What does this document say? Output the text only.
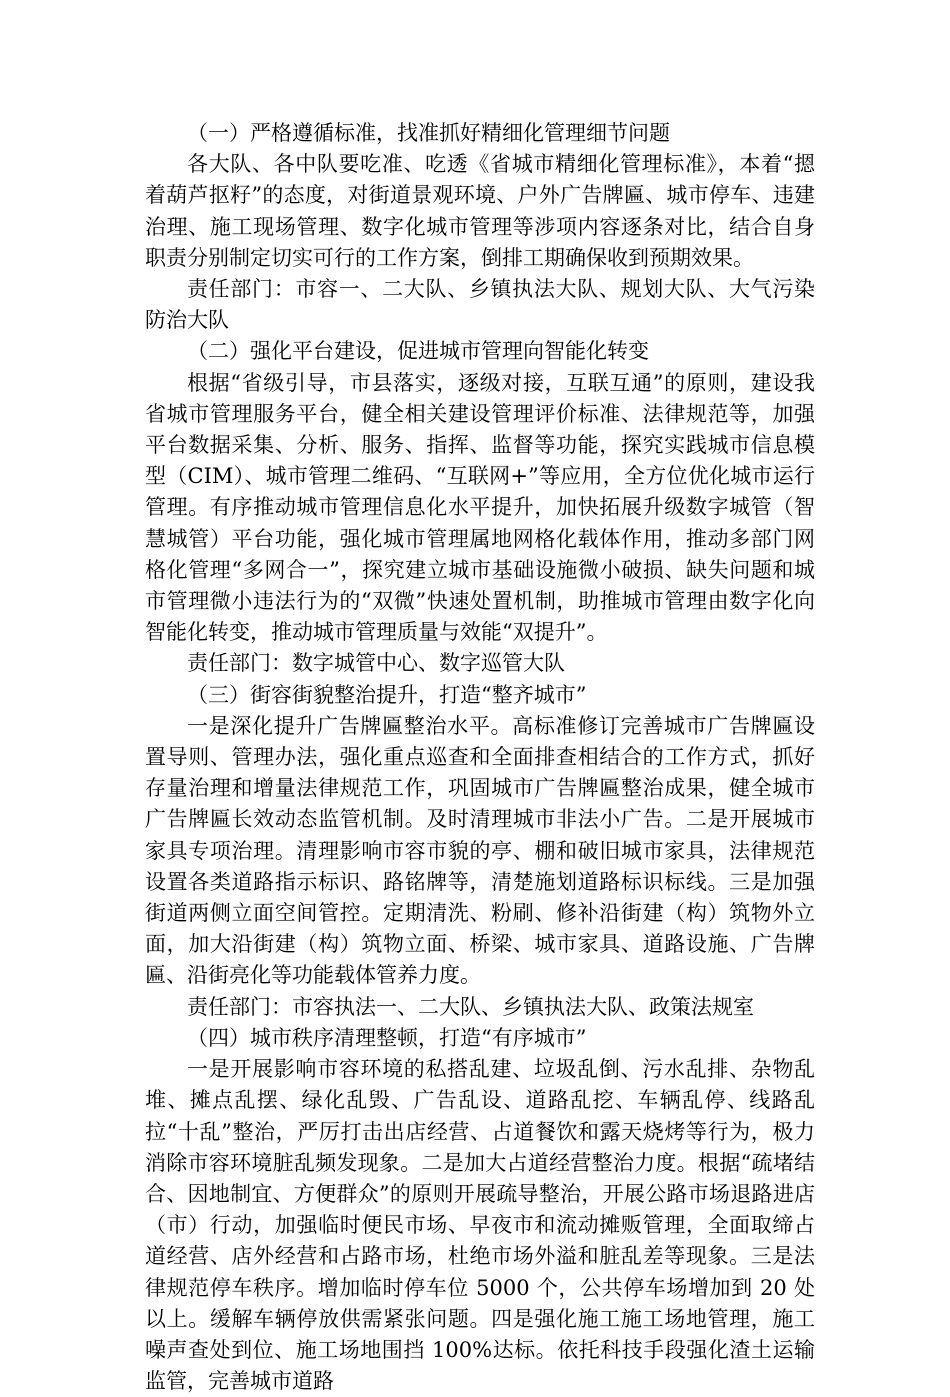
（一）严格遵循标准，找准抓好精细化管理细节问题

各大队、各中队要吃准、吃透《省城市精细化管理标准》，本着“摁着葫芦抠籽”的态度，对街道景观环境、户外广告牌匾、城市停车、违建治理、施工现场管理、数字化城市管理等涉项内容逐条对比，结合自身职责分别制定切实可行的工作方案，倒排工期确保收到预期效果。

责任部门：市容一、二大队、乡镇执法大队、规划大队、大气污染防治大队

（二）强化平台建设，促进城市管理向智能化转变

根据“省级引导，市县落实，逐级对接，互联互通”的原则，建设我省城市管理服务平台，健全相关建设管理评价标准、法律规范等，加强平台数据采集、分析、服务、指挥、监督等功能，探究实践城市信息模型（CIM）、城市管理二维码、“互联网+”等应用，全方位优化城市运行管理。有序推动城市管理信息化水平提升，加快拓展升级数字城管（智慧城管）平台功能，强化城市管理属地网格化载体作用，推动多部门网格化管理“多网合一”，探究建立城市基础设施微小破损、缺失问题和城市管理微小违法行为的“双微”快速处置机制，助推城市管理由数字化向智能化转变，推动城市管理质量与效能“双提升”。

责任部门：数字城管中心、数字巡管大队

（三）街容街貌整治提升，打造“整齐城市”

一是深化提升广告牌匾整治水平。高标准修订完善城市广告牌匾设置导则、管理办法，强化重点巡查和全面排查相结合的工作方式，抓好存量治理和增量法律规范工作，巩固城市广告牌匾整治成果，健全城市广告牌匾长效动态监管机制。及时清理城市非法小广告。二是开展城市家具专项治理。清理影响市容市貌的亭、棚和破旧城市家具，法律规范设置各类道路指示标识、路铭牌等，清楚施划道路标识标线。三是加强街道两侧立面空间管控。定期清洗、粉刷、修补沿街建（构）筑物外立面，加大沿街建（构）筑物立面、桥梁、城市家具、道路设施、广告牌匾、沿街亮化等功能载体管养力度。

责任部门：市容执法一、二大队、乡镇执法大队、政策法规室

（四）城市秩序清理整顿，打造“有序城市”

一是开展影响市容环境的私搭乱建、垃圾乱倒、污水乱排、杂物乱堆、摊点乱摆、绿化乱毁、广告乱设、道路乱挖、车辆乱停、线路乱拉“十乱”整治，严厉打击出店经营、占道餐饮和露天烧烤等行为，极力消除市容环境脏乱频发现象。二是加大占道经营整治力度。根据“疏堵结合、因地制宜、方便群众”的原则开展疏导整治，开展公路市场退路进店（市）行动，加强临时便民市场、早夜市和流动摊贩管理，全面取缔占道经营、店外经营和占路市场，杜绝市场外溢和脏乱差等现象。三是法律规范停车秩序。增加临时停车位 5000 个，公共停车场增加到 20 处以上。缓解车辆停放供需紧张问题。四是强化施工施工场地管理，施工噪声查处到位、施工场地围挡 100%达标。依托科技手段强化渣土运输监管，完善城市道路
